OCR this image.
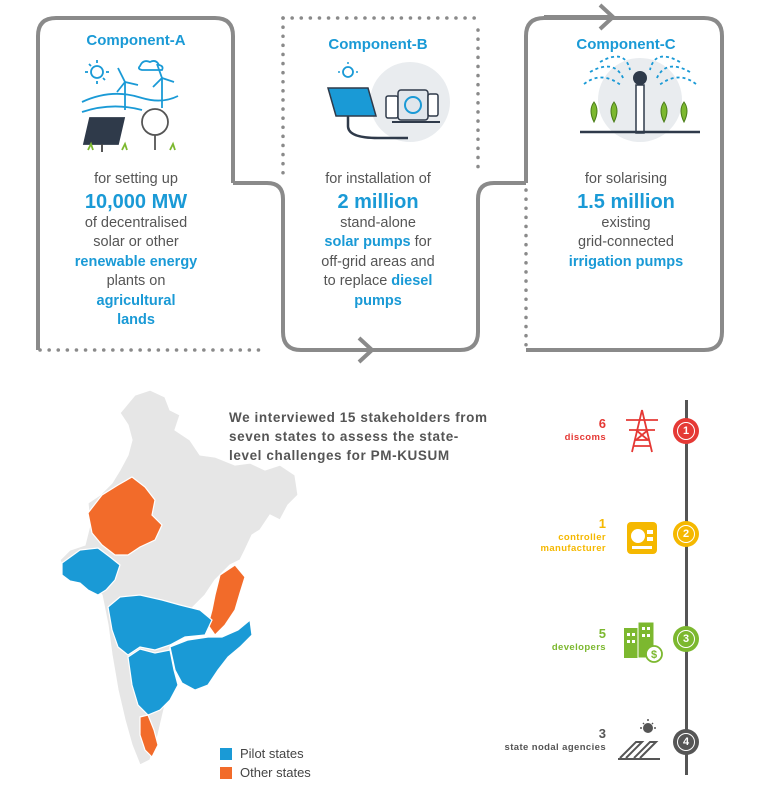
Component-A
for setting up
10,000 MW
of decentralised
solar or other
renewable energy
plants on
agricultural
lands
Component-B
for installation of
2 million
stand-alone
solar pumps for
off-grid areas and
to replace diesel
pumps
Component-C
for solarising
1.5 million
existing
grid-connected
irrigation pumps
We interviewed 15 stakeholders from seven states to assess the state-level challenges for PM-KUSUM
Pilot states
Other states
6
discoms
1
1
controller
manufacturer
2
5
developers
$
3
3
state nodal agencies	4
